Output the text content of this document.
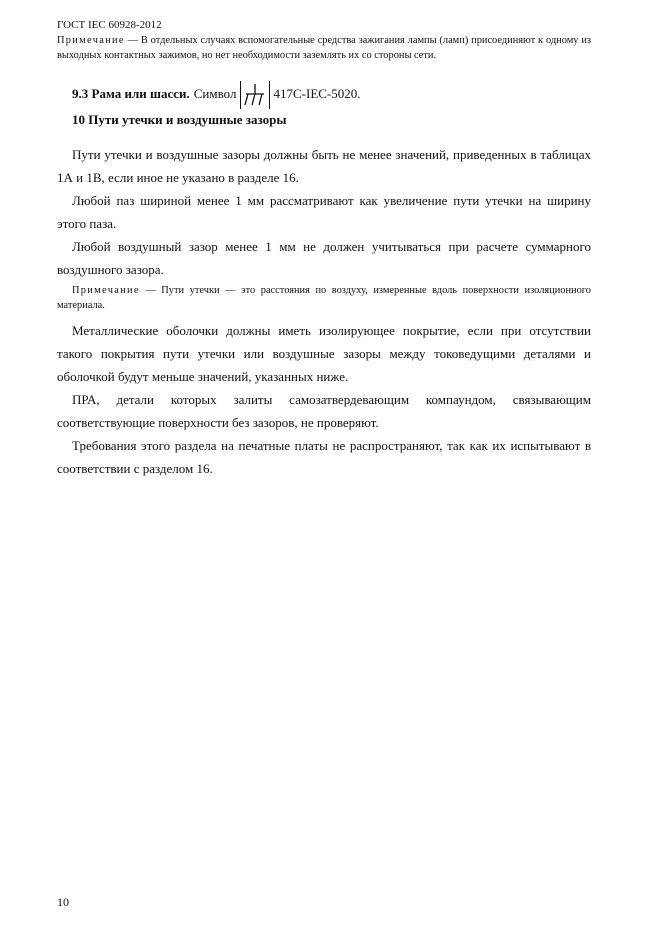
ГОСТ IEC 60928-2012
Примечание — В отдельных случаях вспомогательные средства зажигания лампы (ламп) присоединяют к одному из выходных контактных зажимов, но нет необходимости заземлять их со стороны сети.
9.3 Рама или шасси. Символ	417С-IEC-5020.
10 Пути утечки и воздушные зазоры

Пути утечки и воздушные зазоры должны быть не менее значений, приведенных в таблицах 1А и 1В, если иное не указано в разделе 16.

Любой паз шириной менее 1 мм рассматривают как увеличение пути утечки на ширину этого паза.

Любой воздушный зазор менее 1 мм не должен учитываться при расчете суммарного воздушного зазора.

Примечание — Пути утечки — это расстояния по воздуху, измеренные вдоль поверхности изоляционного материала.

Металлические оболочки должны иметь изолирующее покрытие, если при отсутствии такого покрытия пути утечки или воздушные зазоры между токоведущими деталями и оболочкой будут меньше значений, указанных ниже.

ПРА, детали которых залиты самозатвердевающим компаундом, связывающим соответствующие поверхности без зазоров, не проверяют.

Требования этого раздела на печатные платы не распространяют, так как их испытывают в соответствии с разделом 16.

10
